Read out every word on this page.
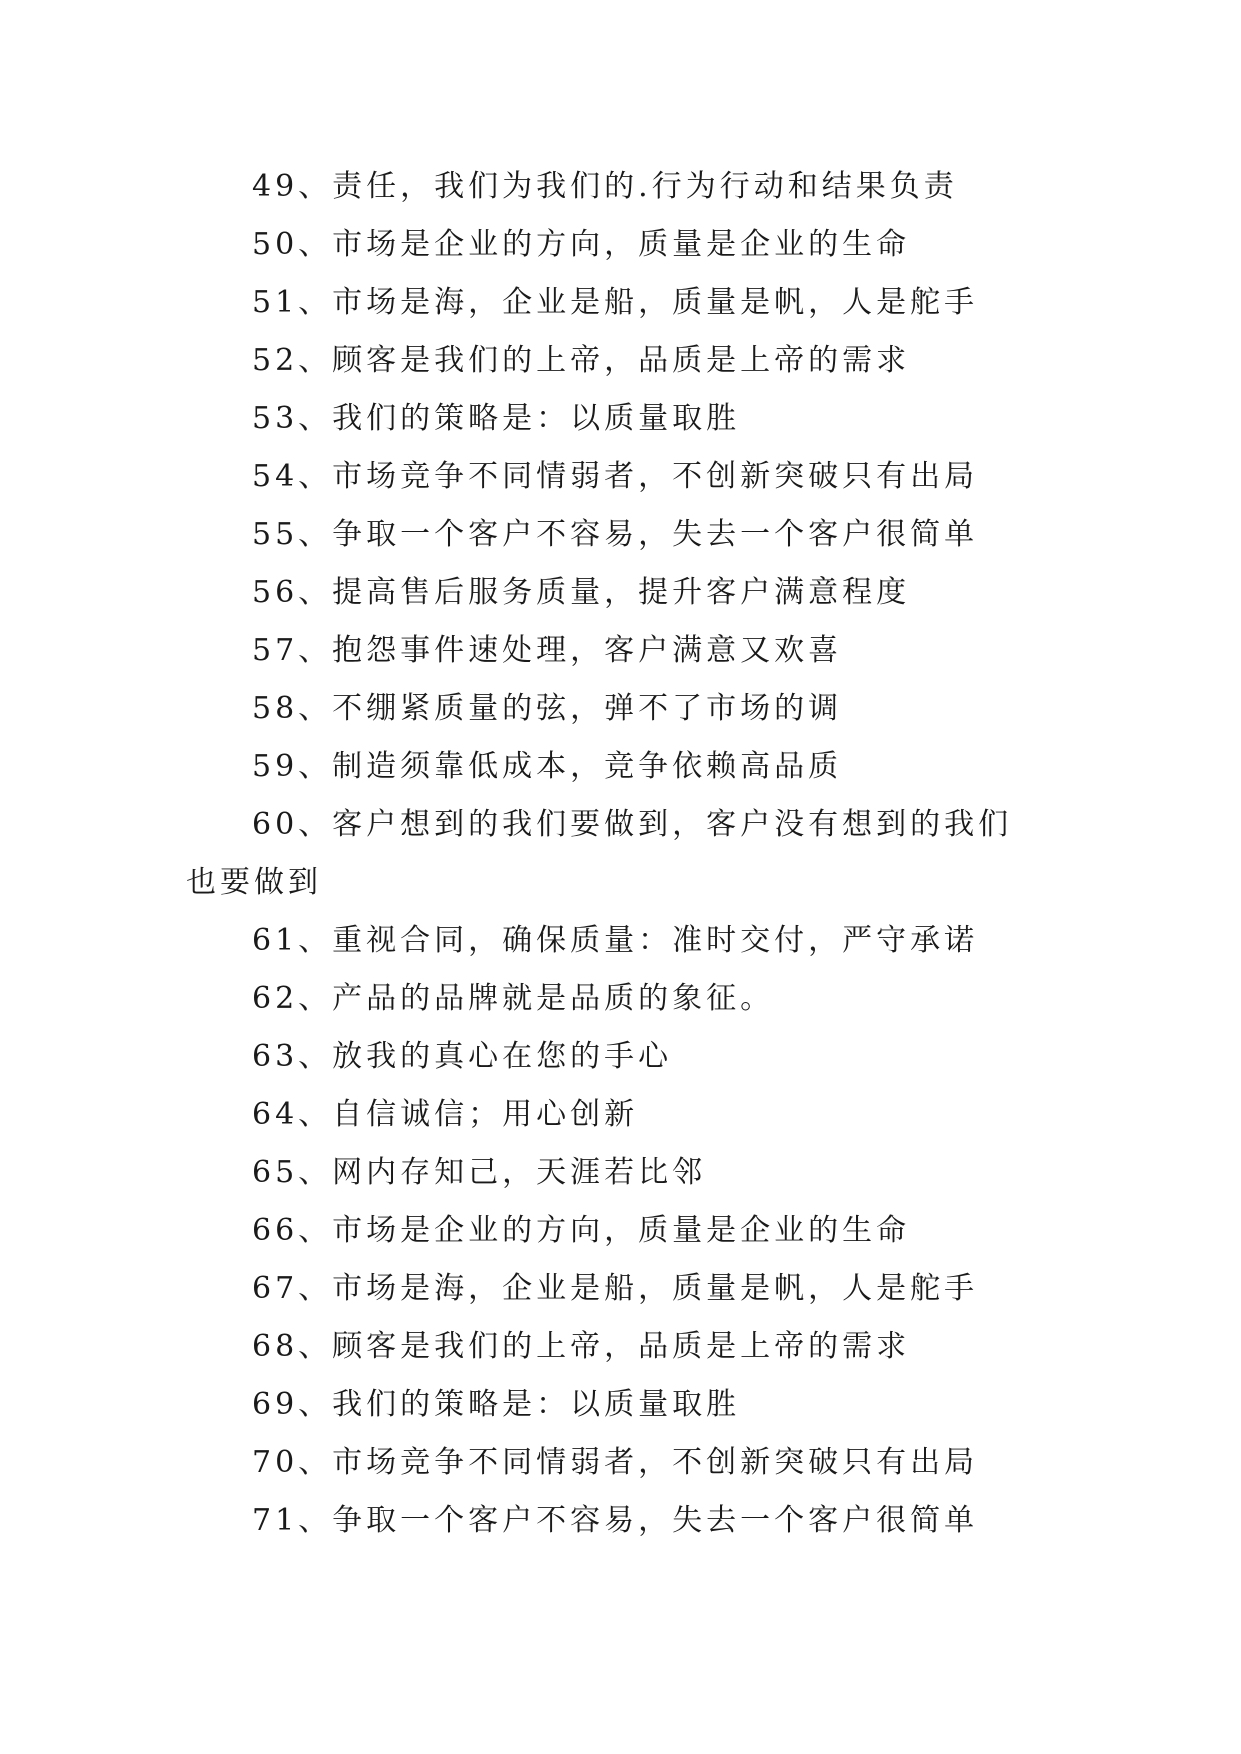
49、责任，我们为我们的.行为行动和结果负责

50、市场是企业的方向，质量是企业的生命

51、市场是海，企业是船，质量是帆，人是舵手

52、顾客是我们的上帝，品质是上帝的需求

53、我们的策略是：以质量取胜

54、市场竞争不同情弱者，不创新突破只有出局

55、争取一个客户不容易，失去一个客户很简单

56、提高售后服务质量，提升客户满意程度

57、抱怨事件速处理，客户满意又欢喜

58、不绷紧质量的弦，弹不了市场的调

59、制造须靠低成本，竞争依赖高品质

60、客户想到的我们要做到，客户没有想到的我们也要做到

61、重视合同，确保质量：准时交付，严守承诺

62、产品的品牌就是品质的象征。

63、放我的真心在您的手心

64、自信诚信；用心创新

65、网内存知己，天涯若比邻

66、市场是企业的方向，质量是企业的生命

67、市场是海，企业是船，质量是帆，人是舵手

68、顾客是我们的上帝，品质是上帝的需求

69、我们的策略是：以质量取胜

70、市场竞争不同情弱者，不创新突破只有出局

71、争取一个客户不容易，失去一个客户很简单
